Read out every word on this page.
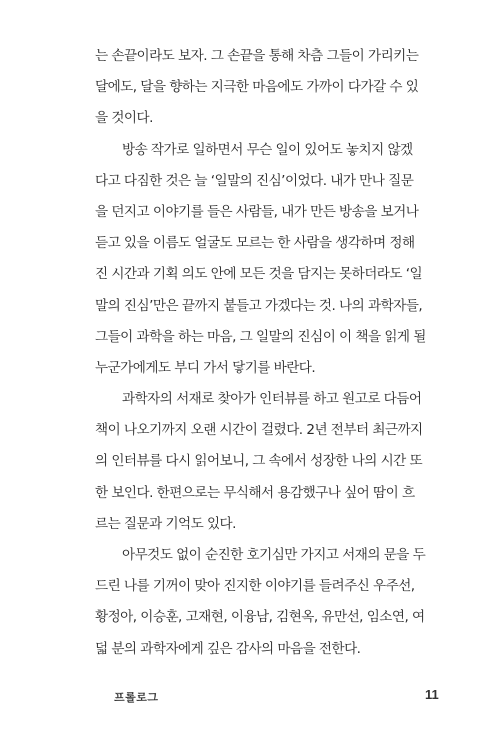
는 손끝이라도 보자. 그 손끝을 통해 차츰 그들이 가리키는
달에도, 달을 향하는 지극한 마음에도 가까이 다가갈 수 있
을 것이다.

방송 작가로 일하면서 무슨 일이 있어도 놓치지 않겠
다고 다짐한 것은 늘 ‘일말의 진심’이었다. 내가 만나 질문
을 던지고 이야기를 들은 사람들, 내가 만든 방송을 보거나
듣고 있을 이름도 얼굴도 모르는 한 사람을 생각하며 정해
진 시간과 기획 의도 안에 모든 것을 담지는 못하더라도 ‘일
말의 진심’만은 끝까지 붙들고 가겠다는 것. 나의 과학자들,
그들이 과학을 하는 마음, 그 일말의 진심이 이 책을 읽게 될
누군가에게도 부디 가서 닿기를 바란다.

과학자의 서재로 찾아가 인터뷰를 하고 원고로 다듬어
책이 나오기까지 오랜 시간이 걸렸다. 2년 전부터 최근까지
의 인터뷰를 다시 읽어보니, 그 속에서 성장한 나의 시간 또
한 보인다. 한편으로는 무식해서 용감했구나 싶어 땀이 흐
르는 질문과 기억도 있다.

아무것도 없이 순진한 호기심만 가지고 서재의 문을 두
드린 나를 기꺼이 맞아 진지한 이야기를 들려주신 우주선,
황정아, 이승훈, 고재현, 이융남, 김현옥, 유만선, 임소연, 여
덟 분의 과학자에게 깊은 감사의 마음을 전한다.

프롤로그	11
